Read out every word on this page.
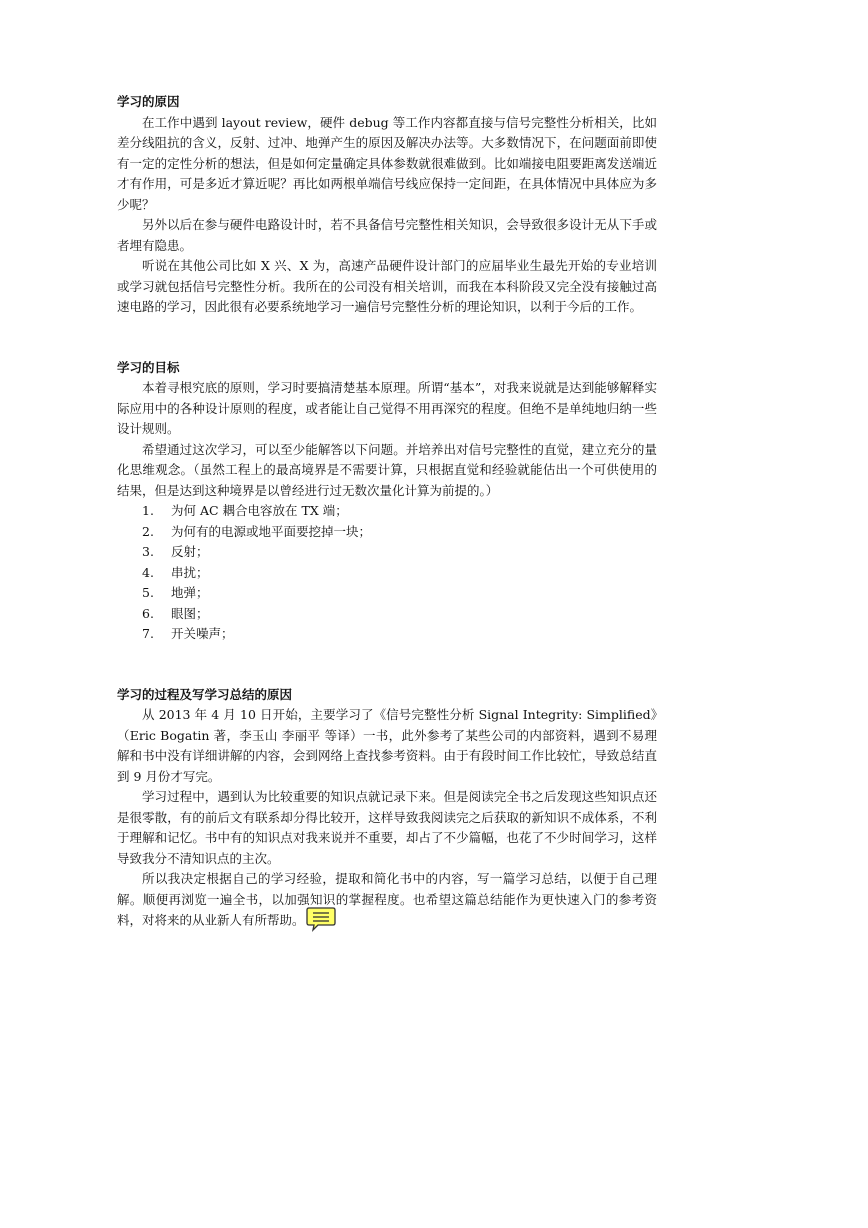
学习的原因

在工作中遇到 layout review，硬件 debug 等工作内容都直接与信号完整性分析相关，比如差分线阻抗的含义，反射、过冲、地弹产生的原因及解决办法等。大多数情况下，在问题面前即使有一定的定性分析的想法，但是如何定量确定具体参数就很难做到。比如端接电阻要距离发送端近才有作用，可是多近才算近呢？再比如两根单端信号线应保持一定间距，在具体情况中具体应为多少呢？

另外以后在参与硬件电路设计时，若不具备信号完整性相关知识，会导致很多设计无从下手或者埋有隐患。

听说在其他公司比如 X 兴、X 为，高速产品硬件设计部门的应届毕业生最先开始的专业培训或学习就包括信号完整性分析。我所在的公司没有相关培训，而我在本科阶段又完全没有接触过高速电路的学习，因此很有必要系统地学习一遍信号完整性分析的理论知识，以利于今后的工作。

学习的目标

本着寻根究底的原则，学习时要搞清楚基本原理。所谓“基本”，对我来说就是达到能够解释实际应用中的各种设计原则的程度，或者能让自己觉得不用再深究的程度。但绝不是单纯地归纳一些设计规则。

希望通过这次学习，可以至少能解答以下问题。并培养出对信号完整性的直觉，建立充分的量化思维观念。（虽然工程上的最高境界是不需要计算，只根据直觉和经验就能估出一个可供使用的结果，但是达到这种境界是以曾经进行过无数次量化计算为前提的。）

1. 为何 AC 耦合电容放在 TX 端；
2. 为何有的电源或地平面要挖掉一块；
3. 反射；
4. 串扰；
5. 地弹；
6. 眼图；
7. 开关噪声；

学习的过程及写学习总结的原因

从 2013 年 4 月 10 日开始，主要学习了《信号完整性分析 Signal Integrity: Simplified》（Eric Bogatin 著，李玉山 李丽平 等译）一书，此外参考了某些公司的内部资料，遇到不易理解和书中没有详细讲解的内容，会到网络上查找参考资料。由于有段时间工作比较忙，导致总结直到 9 月份才写完。

学习过程中，遇到认为比较重要的知识点就记录下来。但是阅读完全书之后发现这些知识点还是很零散，有的前后文有联系却分得比较开，这样导致我阅读完之后获取的新知识不成体系，不利于理解和记忆。书中有的知识点对我来说并不重要，却占了不少篇幅，也花了不少时间学习，这样导致我分不清知识点的主次。

所以我决定根据自己的学习经验，提取和简化书中的内容，写一篇学习总结，以便于自己理解。顺便再浏览一遍全书，以加强知识的掌握程度。也希望这篇总结能作为更快速入门的参考资料，对将来的从业新人有所帮助。
